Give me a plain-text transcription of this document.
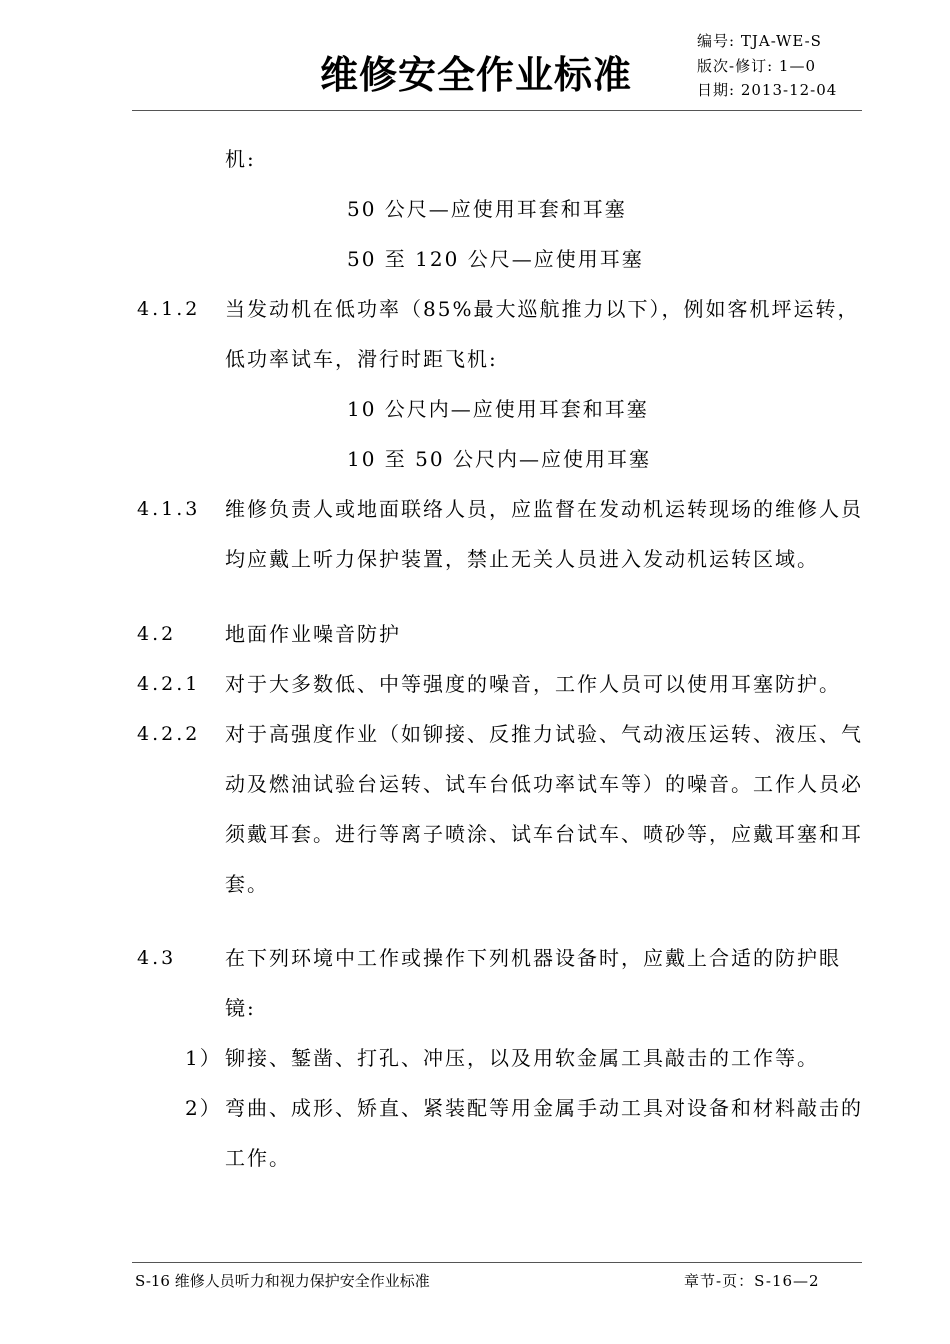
维修安全作业标准
编号: TJA-WE-S
版次-修订: 1—0
日期: 2013-12-04
机:
50 公尺—应使用耳套和耳塞
50 至 120 公尺—应使用耳塞
4.1.2 当发动机在低功率（85%最大巡航推力以下），例如客机坪运转，
低功率试车，滑行时距飞机:
10 公尺内—应使用耳套和耳塞
10 至 50 公尺内—应使用耳塞
4.1.3 维修负责人或地面联络人员，应监督在发动机运转现场的维修人员
均应戴上听力保护装置，禁止无关人员进入发动机运转区域。
4.2 地面作业噪音防护
4.2.1 对于大多数低、中等强度的噪音，工作人员可以使用耳塞防护。
4.2.2 对于高强度作业（如铆接、反推力试验、气动液压运转、液压、气
动及燃油试验台运转、试车台低功率试车等）的噪音。工作人员必
须戴耳套。进行等离子喷涂、试车台试车、喷砂等，应戴耳塞和耳
套。
4.3 在下列环境中工作或操作下列机器设备时，应戴上合适的防护眼
镜:
1） 铆接、錾凿、打孔、冲压，以及用软金属工具敲击的工作等。
2） 弯曲、成形、矫直、紧装配等用金属手动工具对设备和材料敲击的
工作。
S-16 维修人员听力和视力保护安全作业标准	章节-页：S-16—2
